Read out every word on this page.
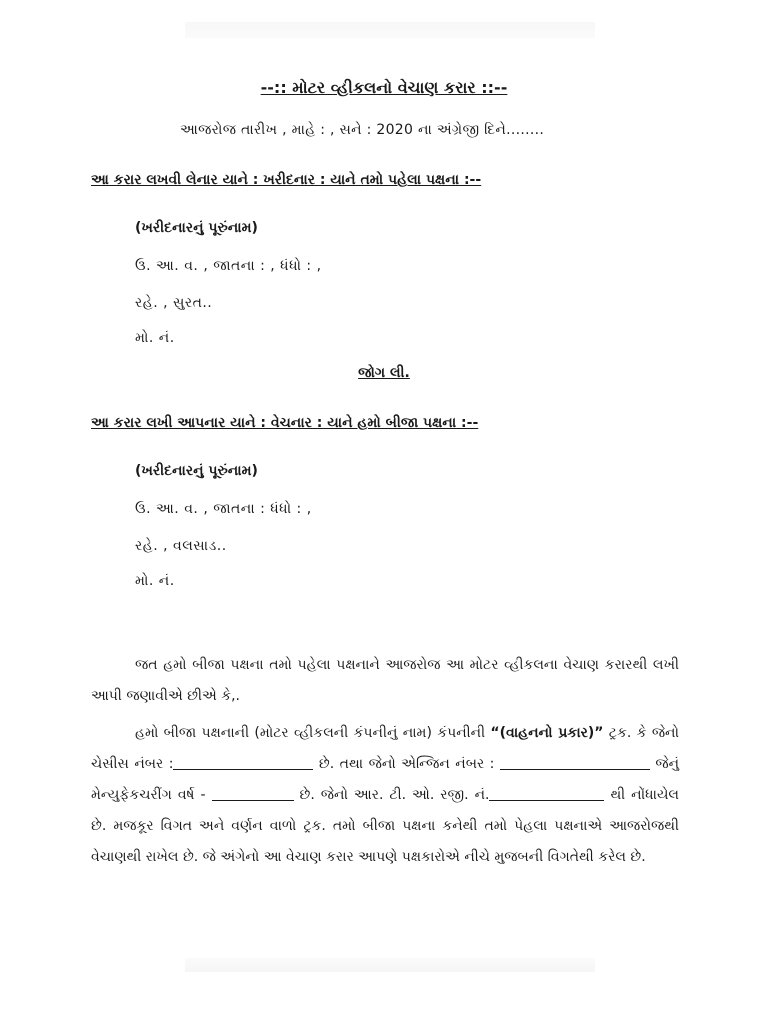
--:: મોટર વ્હીકલનો વેચાણ કરાર ::--
આજરોજ તારીખ , માહે : , સને : 2020 ના અંગ્રેજી દિને........
આ કરાર લખવી લેનાર યાને : ખરીદનાર : યાને તમો પહેલા પક્ષના :--
(ખરીદનારનું પૂરુંનામ)
ઉ. આ. વ. , જાતના : , ધંધો : ,
રહે. , સુરત..
મો. નં.
જોગ લી.
આ કરાર લખી આપનાર યાને : વેચનાર : યાને હમો બીજા પક્ષના :--
(ખરીદનારનું પૂરુંનામ)
ઉ. આ. વ. , જાતના : ધંધો : ,
રહે. , વલસાડ..
મો. નં.

જત હમો બીજા પક્ષના તમો પહેલા પક્ષનાને આજરોજ આ મોટર વ્હીકલના વેચાણ કરારથી લખી આપી જણાવીએ છીએ કે,.

હમો બીજા પક્ષનાની (મોટર વ્હીકલની કંપનીનું નામ) કંપનીની “(વાહનનો પ્રકાર)” ટ્રક. કે જેનો ચેસીસ નંબર :	છે. તથા જેનો એન્જિન નંબર :	જેનું મેન્યુફેકચરીંગ વર્ષ -	છે. જેનો આર. ટી. ઓ. રજી. નં.	થી નોંધાયેલ છે. મજકૂર વિગત અને વર્ણન વાળો ટ્રક. તમો બીજા પક્ષના કનેથી તમો પેહલા પક્ષનાએ આજરોજથી વેચાણથી રાખેલ છે. જે અંગેનો આ વેચાણ કરાર આપણે પક્ષકારોએ નીચે મુજબની વિગતેથી કરેલ છે.
